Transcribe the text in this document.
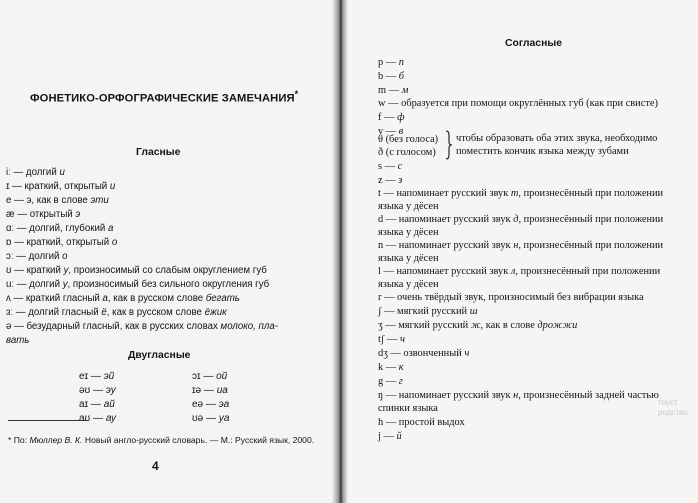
ФОНЕТИКО-ОРФОГРАФИЧЕСКИЕ ЗАМЕЧАНИЯ*
Гласные
iː — долгий и
ɪ — краткий, открытый и
e — э, как в слове эти
æ — открытый э
ɑː — долгий, глубокий а
ɒ — краткий, открытый о
ɔː — долгий о
ʊ — краткий у, произносимый со слабым округлением губ
uː — долгий у, произносимый без сильного округления губ
ʌ — краткий гласный а, как в русском слове бегать
ɜː — долгий гласный ё, как в русском слове ёжик
ə — безударный гласный, как в русских словах молоко, пла-
вать
Двугласные
eɪ — эй
əʊ — эу
aɪ — ай
aʊ — ау
ɔɪ — ой
ɪə — иа
eə — эа
ʊə — уа
* По: Мюллер В. К. Новый англо-русский словарь. — М.: Русский язык, 2000.
4
Согласные
p — п
b — б
m — м
w — образуется при помощи округлённых губ (как при свисте)
f — ф
v — в
θ (без голоса)
ð (с голосом)
чтобы образовать оба этих звука, необходимо
поместить кончик языка между зубами
s — с
z — з
t — напоминает русский звук т, произнесённый при положении
языка у дёсен
d — напоминает русский звук д, произнесённый при положении
языка у дёсен
n — напоминает русский звук н, произнесённый при положении
языка у дёсен
l — напоминает русский звук л, произнесённый при положении
языка у дёсен
r — очень твёрдый звук, произносимый без вибрации языка
ʃ — мягкий русский ш
ʒ — мягкий русский ж, как в слове дрожжи
tʃ — ч
dʒ — озвонченный ч
k — к
g — г
ŋ — напоминает русский звук н, произнесённый задней частью
спинки языка
h — простой выдох
j — й
тоуст
родство
